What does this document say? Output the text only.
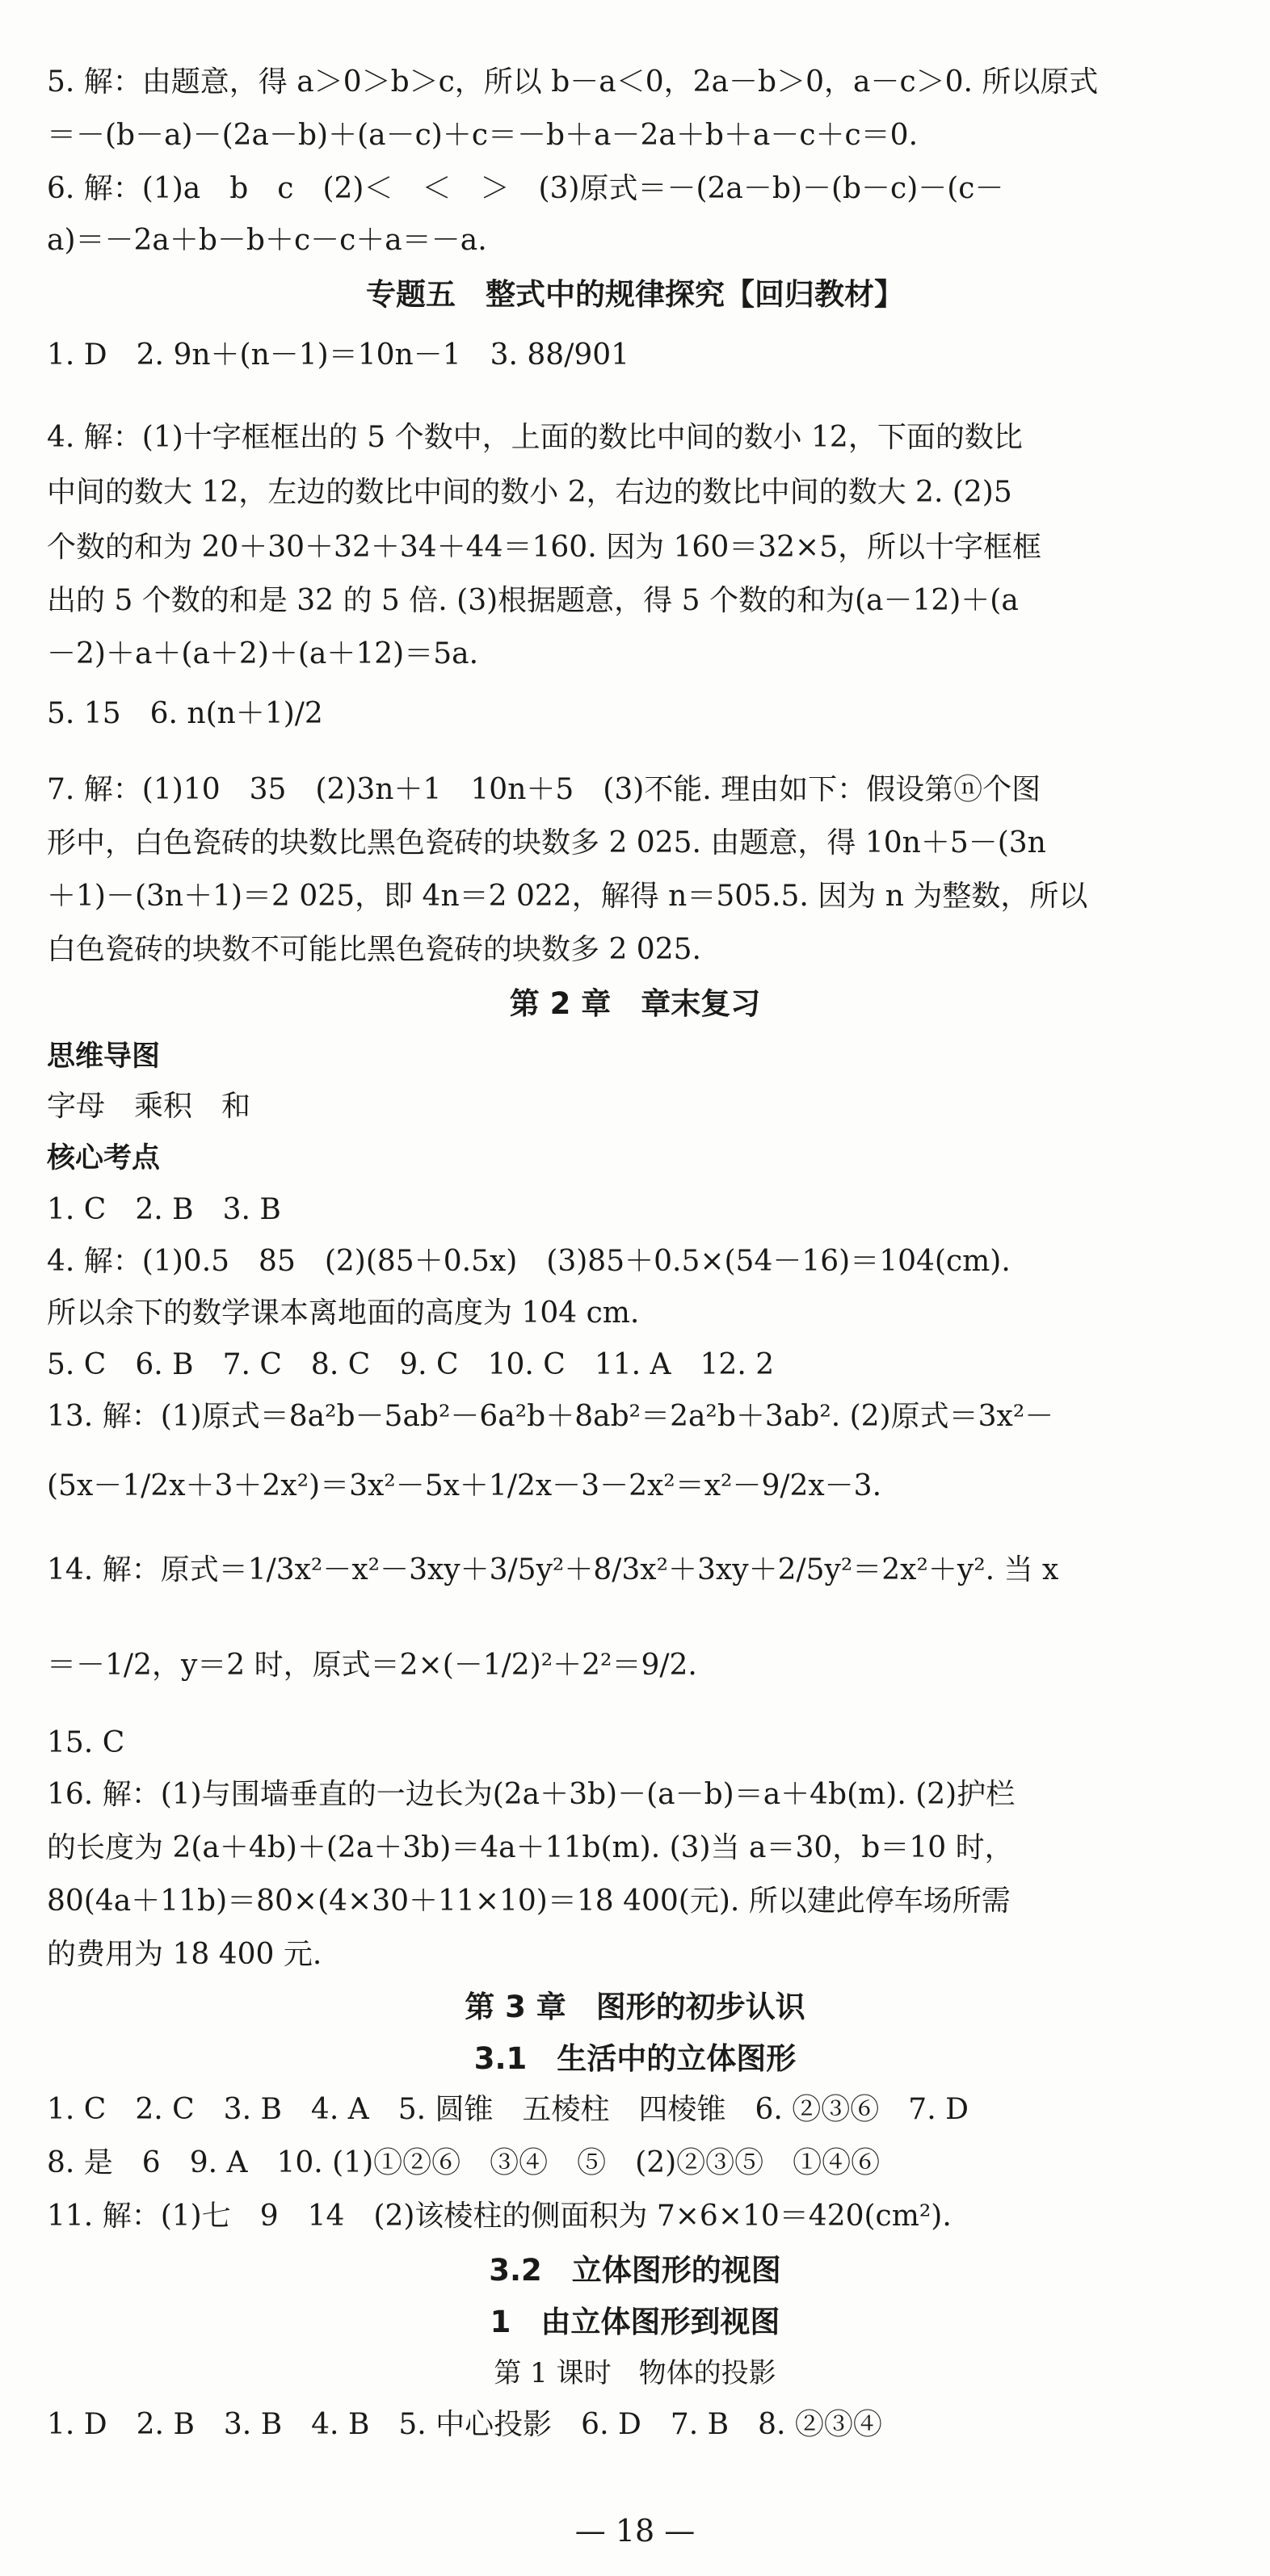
5. 解：由题意，得 a＞0＞b＞c，所以 b－a＜0，2a－b＞0，a－c＞0. 所以原式
＝－(b－a)－(2a－b)＋(a－c)＋c＝－b＋a－2a＋b＋a－c＋c＝0.
6. 解：(1)a　b　c　(2)＜　＜　＞　(3)原式＝－(2a－b)－(b－c)－(c－
a)＝－2a＋b－b＋c－c＋a＝－a.
专题五　整式中的规律探究【回归教材】
1. D　2. 9n＋(n－1)＝10n－1　3. 88/901
4. 解：(1)十字框框出的 5 个数中，上面的数比中间的数小 12，下面的数比
中间的数大 12，左边的数比中间的数小 2，右边的数比中间的数大 2. (2)5
个数的和为 20＋30＋32＋34＋44＝160. 因为 160＝32×5，所以十字框框
出的 5 个数的和是 32 的 5 倍. (3)根据题意，得 5 个数的和为(a－12)＋(a
－2)＋a＋(a＋2)＋(a＋12)＝5a.
5. 15　6. n(n＋1)/2
7. 解：(1)10　35　(2)3n＋1　10n＋5　(3)不能. 理由如下：假设第ⓝ个图
形中，白色瓷砖的块数比黑色瓷砖的块数多 2 025. 由题意，得 10n＋5－(3n
＋1)－(3n＋1)＝2 025，即 4n＝2 022，解得 n＝505.5. 因为 n 为整数，所以
白色瓷砖的块数不可能比黑色瓷砖的块数多 2 025.
第 2 章　章末复习
思维导图
字母　乘积　和
核心考点
1. C　2. B　3. B
4. 解：(1)0.5　85　(2)(85＋0.5x)　(3)85＋0.5×(54－16)＝104(cm).
所以余下的数学课本离地面的高度为 104 cm.
5. C　6. B　7. C　8. C　9. C　10. C　11. A　12. 2
13. 解：(1)原式＝8a²b－5ab²－6a²b＋8ab²＝2a²b＋3ab². (2)原式＝3x²－
(5x－1/2x＋3＋2x²)＝3x²－5x＋1/2x－3－2x²＝x²－9/2x－3.
14. 解：原式＝1/3x²－x²－3xy＋3/5y²＋8/3x²＋3xy＋2/5y²＝2x²＋y². 当 x
＝－1/2，y＝2 时，原式＝2×(－1/2)²＋2²＝9/2.
15. C
16. 解：(1)与围墙垂直的一边长为(2a＋3b)－(a－b)＝a＋4b(m). (2)护栏
的长度为 2(a＋4b)＋(2a＋3b)＝4a＋11b(m). (3)当 a＝30，b＝10 时，
80(4a＋11b)＝80×(4×30＋11×10)＝18 400(元). 所以建此停车场所需
的费用为 18 400 元.
第 3 章　图形的初步认识
3.1　生活中的立体图形
1. C　2. C　3. B　4. A　5. 圆锥　五棱柱　四棱锥　6. ②③⑥　7. D
8. 是　6　9. A　10. (1)①②⑥　③④　⑤　(2)②③⑤　①④⑥
11. 解：(1)七　9　14　(2)该棱柱的侧面积为 7×6×10＝420(cm²).
3.2　立体图形的视图
1　由立体图形到视图
第 1 课时　物体的投影
1. D　2. B　3. B　4. B　5. 中心投影　6. D　7. B　8. ②③④
— 18 —
